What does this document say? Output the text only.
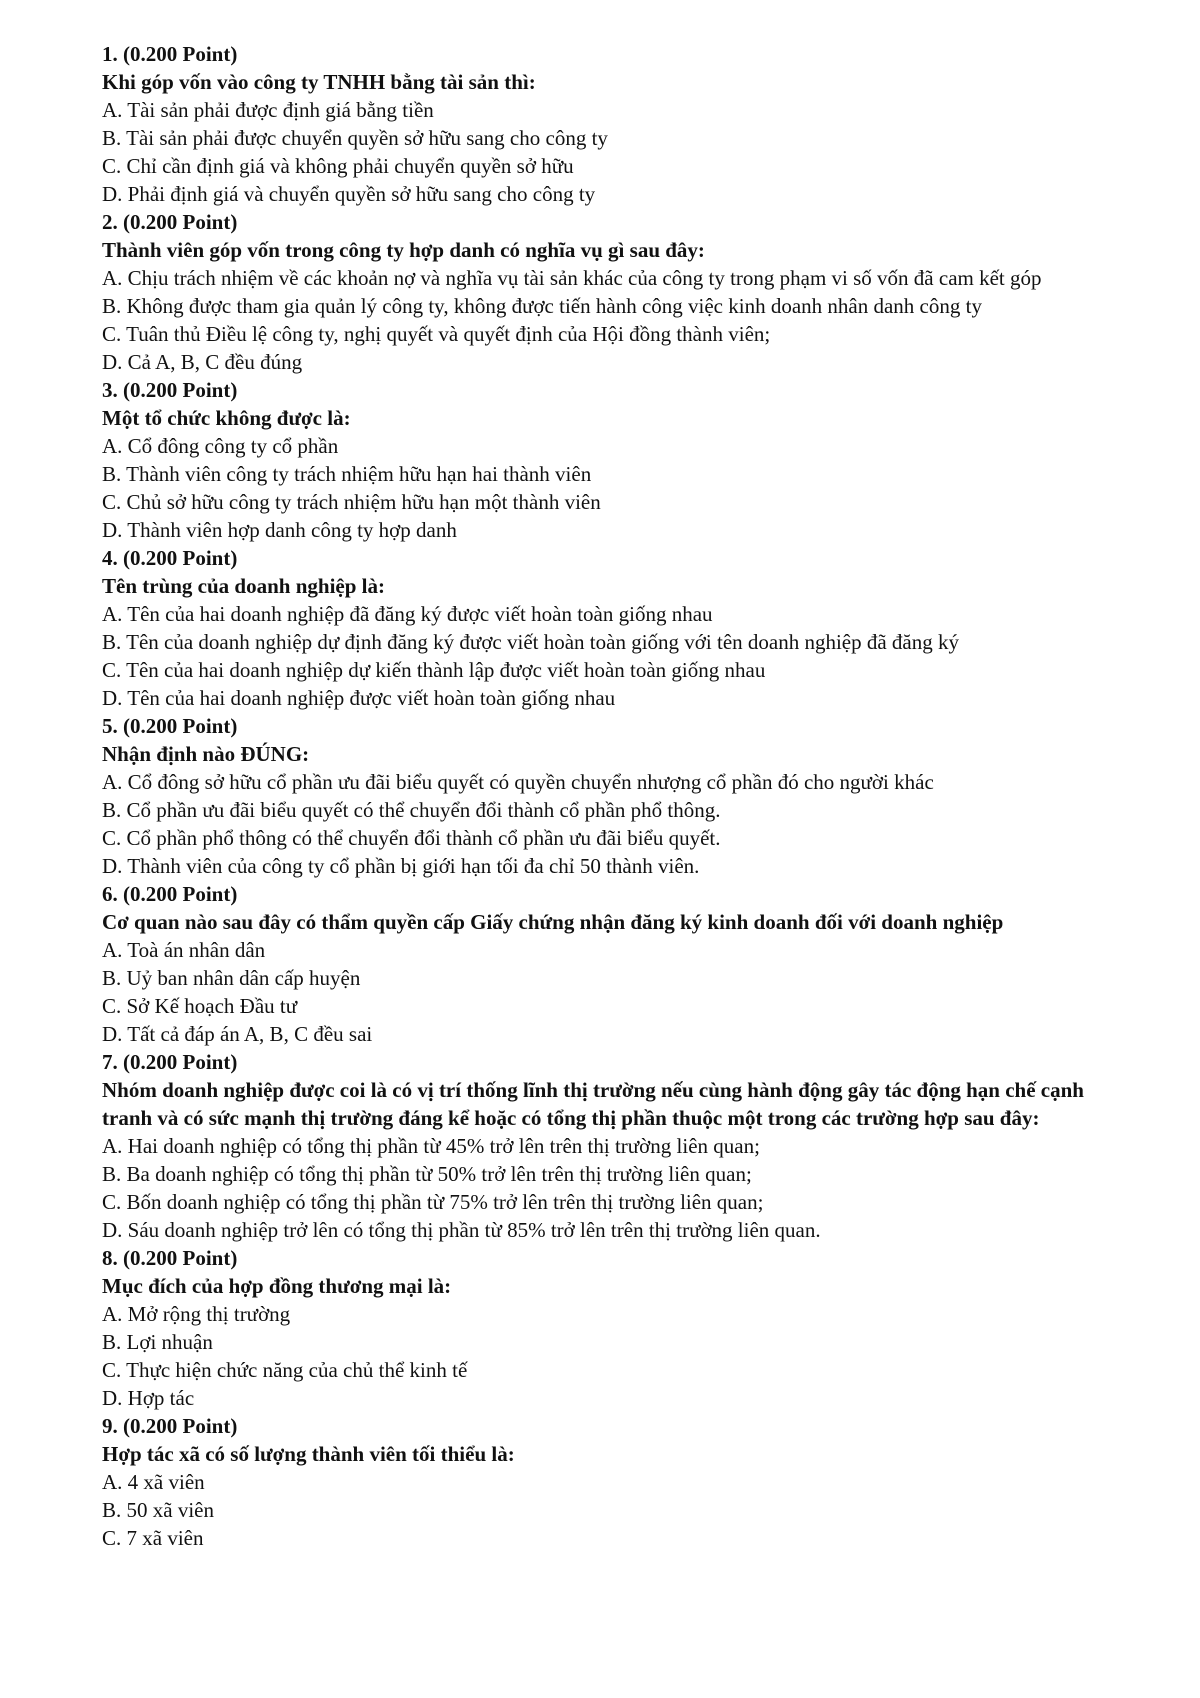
1. (0.200 Point)
Khi góp vốn vào công ty TNHH bằng tài sản thì:
A. Tài sản phải được định giá bằng tiền
B. Tài sản phải được chuyển quyền sở hữu sang cho công ty
C. Chỉ cần định giá và không phải chuyển quyền sở hữu
D. Phải định giá và chuyển quyền sở hữu sang cho công ty
2. (0.200 Point)
Thành viên góp vốn trong công ty hợp danh có nghĩa vụ gì sau đây:
A. Chịu trách nhiệm về các khoản nợ và nghĩa vụ tài sản khác của công ty trong phạm vi số vốn đã cam kết góp
B. Không được tham gia quản lý công ty, không được tiến hành công việc kinh doanh nhân danh công ty
C. Tuân thủ Điều lệ công ty, nghị quyết và quyết định của Hội đồng thành viên;
D. Cả A, B, C đều đúng
3. (0.200 Point)
Một tổ chức không được là:
A. Cổ đông công ty cổ phần
B. Thành viên công ty trách nhiệm hữu hạn hai thành viên
C. Chủ sở hữu công ty trách nhiệm hữu hạn một thành viên
D. Thành viên hợp danh công ty hợp danh
4. (0.200 Point)
Tên trùng của doanh nghiệp là:
A. Tên của hai doanh nghiệp đã đăng ký được viết hoàn toàn giống nhau
B. Tên của doanh nghiệp dự định đăng ký được viết hoàn toàn giống với tên doanh nghiệp đã đăng ký
C. Tên của hai doanh nghiệp dự kiến thành lập được viết hoàn toàn giống nhau
D. Tên của hai doanh nghiệp được viết hoàn toàn giống nhau
5. (0.200 Point)
Nhận định nào ĐÚNG:
A. Cổ đông sở hữu cổ phần ưu đãi biểu quyết có quyền chuyển nhượng cổ phần đó cho người khác
B. Cổ phần ưu đãi biểu quyết có thể chuyển đổi thành cổ phần phổ thông.
C. Cổ phần phổ thông có thể chuyển đổi thành cổ phần ưu đãi biểu quyết.
D. Thành viên của công ty cổ phần bị giới hạn tối đa chỉ 50 thành viên.
6. (0.200 Point)
Cơ quan nào sau đây có thẩm quyền cấp Giấy chứng nhận đăng ký kinh doanh đối với doanh nghiệp
A. Toà án nhân dân
B. Uỷ ban nhân dân cấp huyện
C. Sở Kế hoạch Đầu tư
D. Tất cả đáp án A, B, C đều sai
7. (0.200 Point)
Nhóm doanh nghiệp được coi là có vị trí thống lĩnh thị trường nếu cùng hành động gây tác động hạn chế cạnh tranh và có sức mạnh thị trường đáng kể hoặc có tổng thị phần thuộc một trong các trường hợp sau đây:
A. Hai doanh nghiệp có tổng thị phần từ 45% trở lên trên thị trường liên quan;
B. Ba doanh nghiệp có tổng thị phần từ 50% trở lên trên thị trường liên quan;
C. Bốn doanh nghiệp có tổng thị phần từ 75% trở lên trên thị trường liên quan;
D. Sáu doanh nghiệp trở lên có tổng thị phần từ 85% trở lên trên thị trường liên quan.
8. (0.200 Point)
Mục đích của hợp đồng thương mại là:
A. Mở rộng thị trường
B. Lợi nhuận
C. Thực hiện chức năng của chủ thể kinh tế
D. Hợp tác
9. (0.200 Point)
Hợp tác xã có số lượng thành viên tối thiểu là:
A. 4 xã viên
B. 50 xã viên
C. 7 xã viên
